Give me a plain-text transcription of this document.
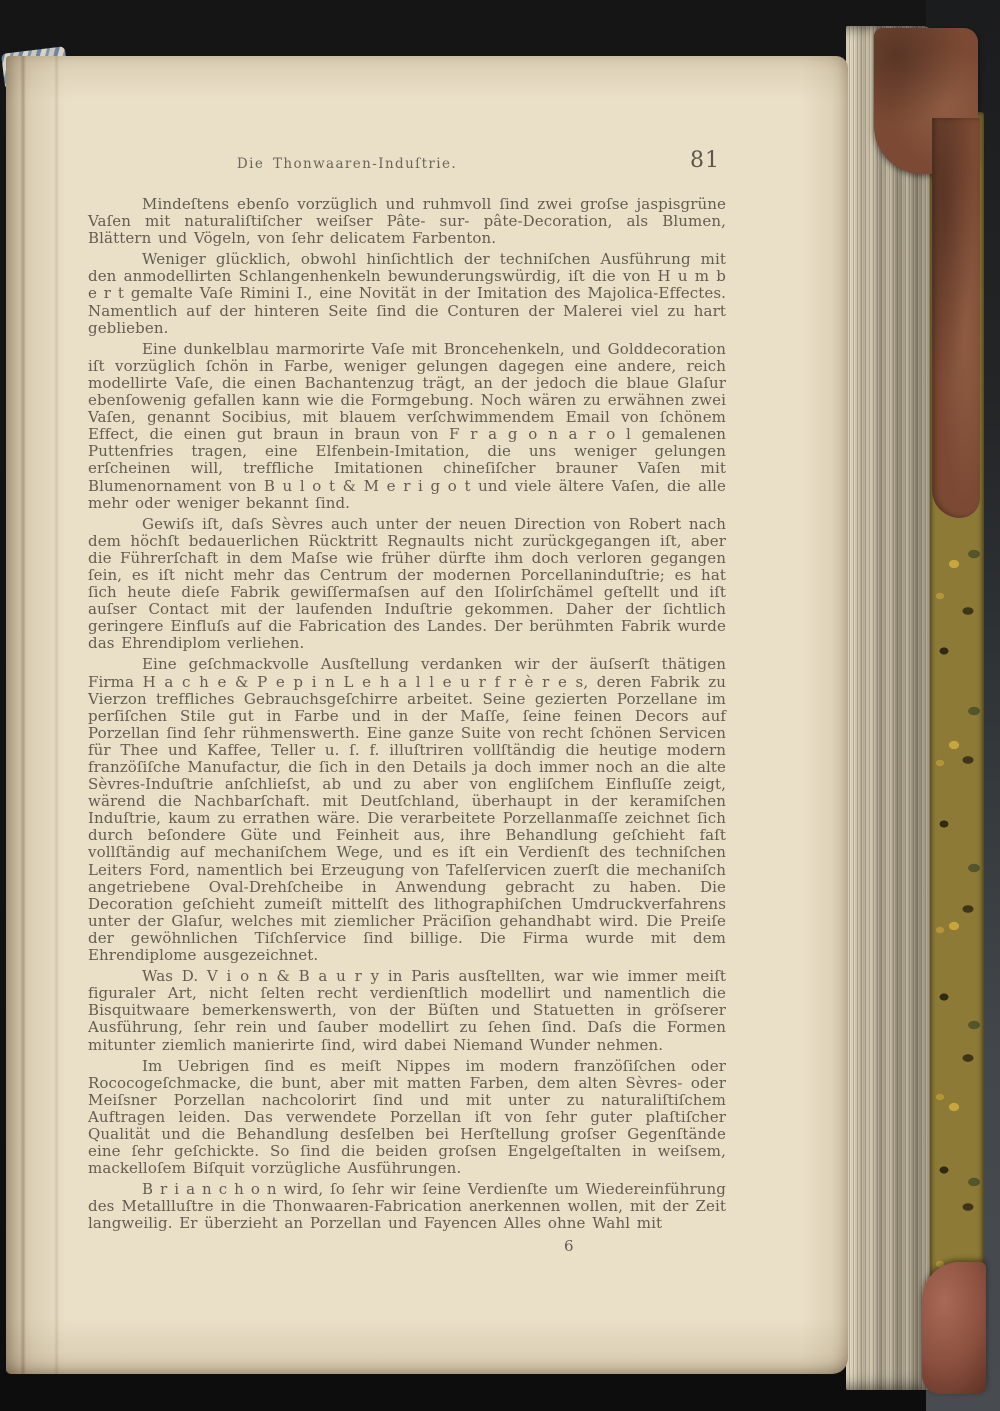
Die Thonwaaren-Induſtrie.	81

Mindeſtens ebenſo vorzüglich und ruhmvoll ſind zwei groſse jaspisgrüne Vaſen mit naturaliſtiſcher weiſser Pâte- sur- pâte-Decoration, als Blumen, Blättern und Vögeln, von ſehr delicatem Farbenton.

Weniger glücklich, obwohl hinſichtlich der techniſchen Ausführung mit den anmodellirten Schlangenhenkeln bewunderungswürdig, iſt die von H u m b e r t gemalte Vaſe Rimini I., eine Novität in der Imitation des Majolica-Effectes. Namentlich auf der hinteren Seite ſind die Conturen der Malerei viel zu hart geblieben.

Eine dunkelblau marmorirte Vaſe mit Broncehenkeln, und Golddecoration iſt vorzüglich ſchön in Farbe, weniger gelungen dagegen eine andere, reich modellirte Vaſe, die einen Bachantenzug trägt, an der jedoch die blaue Glaſur ebenſowenig gefallen kann wie die Formgebung. Noch wären zu erwähnen zwei Vaſen, genannt Socibius, mit blauem verſchwimmendem Email von ſchönem Effect, die einen gut braun in braun von F r a g o n a r o l gemalenen Puttenfries tragen, eine Elfenbein-Imitation, die uns weniger gelungen erſcheinen will, treffliche Imitationen chineſiſcher brauner Vaſen mit Blumenornament von B u l o t & M e r i g o t und viele ältere Vaſen, die alle mehr oder weniger bekannt ſind.

Gewiſs iſt, daſs Sèvres auch unter der neuen Direction von Robert nach dem höchſt bedauerlichen Rücktritt Regnaults nicht zurückgegangen iſt, aber die Führerſchaft in dem Maſse wie früher dürfte ihm doch verloren gegangen ſein, es iſt nicht mehr das Centrum der modernen Porcellaninduſtrie; es hat ſich heute dieſe Fabrik gewiſſermaſsen auf den Iſolirſchämel geſtellt und iſt auſser Contact mit der laufenden Induſtrie gekommen. Daher der ſichtlich geringere Einfluſs auf die Fabrication des Landes. Der berühmten Fabrik wurde das Ehrendiplom verliehen.

Eine geſchmackvolle Ausſtellung verdanken wir der äuſserſt thätigen Firma H a c h e & P e p i n L e h a l l e u r f r è r e s, deren Fabrik zu Vierzon treffliches Gebrauchsgeſchirre arbeitet. Seine gezierten Porzellane im perſiſchen Stile gut in Farbe und in der Maſſe, ſeine feinen Decors auf Porzellan ſind ſehr rühmenswerth. Eine ganze Suite von recht ſchönen Servicen für Thee und Kaffee, Teller u. ſ. f. illuſtriren vollſtändig die heutige modern franzöſiſche Manufactur, die ſich in den Details ja doch immer noch an die alte Sèvres-Induſtrie anſchlieſst, ab und zu aber von engliſchem Einfluſſe zeigt, wärend die Nachbarſchaft. mit Deutſchland, überhaupt in der keramiſchen Induſtrie, kaum zu errathen wäre. Die verarbeitete Porzellanmaſſe zeichnet ſich durch beſondere Güte und Feinheit aus, ihre Behandlung geſchieht faſt vollſtändig auf mechaniſchem Wege, und es iſt ein Verdienſt des techniſchen Leiters Ford, namentlich bei Erzeugung von Tafelſervicen zuerſt die mechaniſch angetriebene Oval-Drehſcheibe in Anwendung gebracht zu haben. Die Decoration geſchieht zumeiſt mittelſt des lithographiſchen Umdruckverfahrens unter der Glaſur, welches mit ziemlicher Präciſion gehandhabt wird. Die Preiſe der gewöhnlichen Tiſchſervice ſind billige. Die Firma wurde mit dem Ehrendiplome ausgezeichnet.

Was D. V i o n & B a u r y in Paris ausſtellten, war wie immer meiſt figuraler Art, nicht ſelten recht verdienſtlich modellirt und namentlich die Bisquitwaare bemerkenswerth, von der Büſten und Statuetten in gröſserer Ausführung, ſehr rein und ſauber modellirt zu ſehen ſind. Daſs die Formen mitunter ziemlich manierirte ſind, wird dabei Niemand Wunder nehmen.

Im Uebrigen ſind es meiſt Nippes im modern franzöſiſchen oder Rococogeſchmacke, die bunt, aber mit matten Farben, dem alten Sèvres- oder Meiſsner Porzellan nachcolorirt ſind und mit unter zu naturaliſtiſchem Auftragen leiden. Das verwendete Porzellan iſt von ſehr guter plaſtiſcher Qualität und die Behandlung desſelben bei Herſtellung groſser Gegenſtände eine ſehr geſchickte. So ſind die beiden groſsen Engelgeſtalten in weiſsem, mackelloſem Biſquit vorzügliche Ausführungen.

B r i a n c h o n wird, ſo ſehr wir ſeine Verdienſte um Wiedereinführung des Metallluſtre in die Thonwaaren-Fabrication anerkennen wollen, mit der Zeit langweilig. Er überzieht an Porzellan und Fayencen Alles ohne Wahl mit

6
